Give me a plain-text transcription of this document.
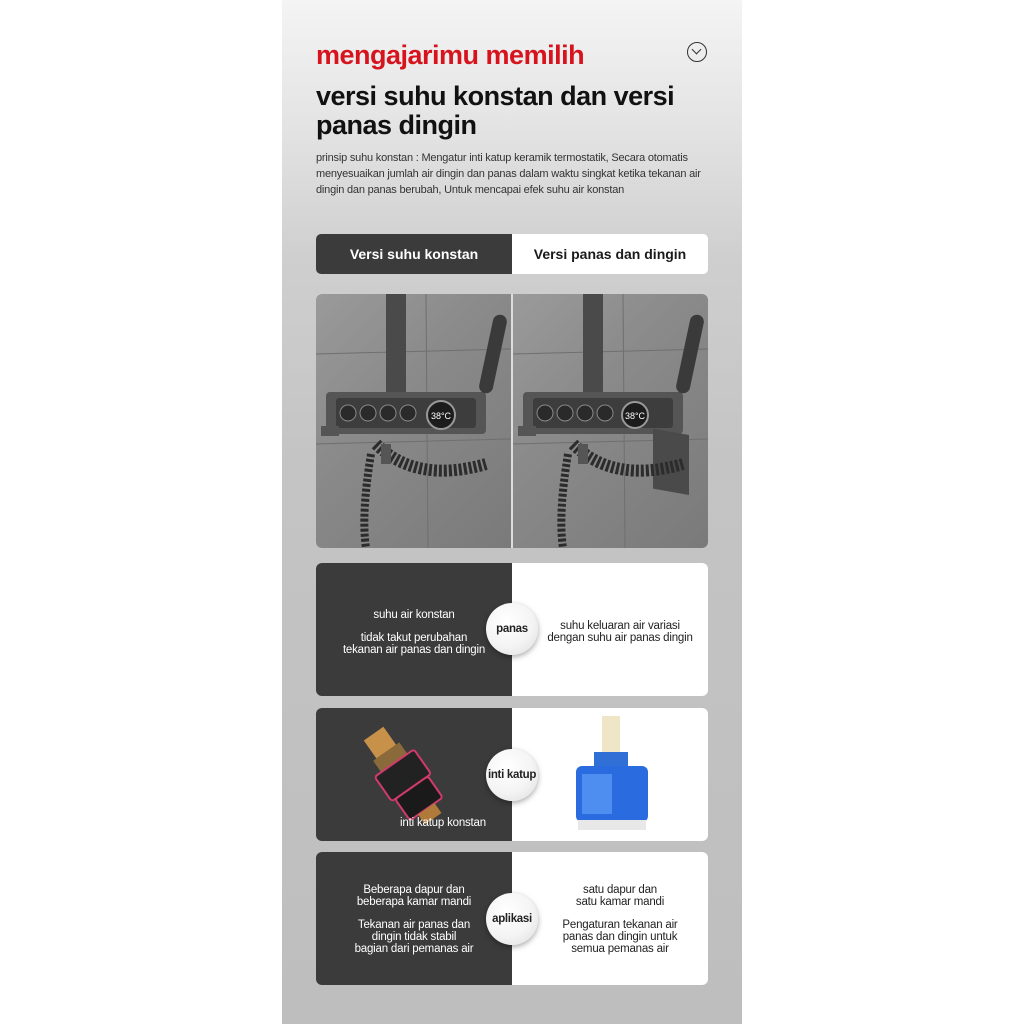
mengajarimu memilih
versi suhu konstan dan versi panas dingin

prinsip suhu konstan : Mengatur inti katup keramik termostatik, Secara otomatis menyesuaikan jumlah air dingin dan panas dalam waktu singkat ketika tekanan air dingin dan panas berubah, Untuk mencapai efek suhu air konstan

Versi suhu konstan	Versi panas dan dingin
38°C	38°C
suhu air konstan
tidak takut perubahan
tekanan air panas dan dingin
suhu keluaran air variasi
dengan suhu air panas dingin
panas
inti katup konstan
inti katup
Beberapa dapur dan
beberapa kamar mandi
Tekanan air panas dan
dingin tidak stabil
bagian dari pemanas air
satu dapur dan
satu kamar mandi
Pengaturan tekanan air
panas dan dingin untuk
semua pemanas air
aplikasi
